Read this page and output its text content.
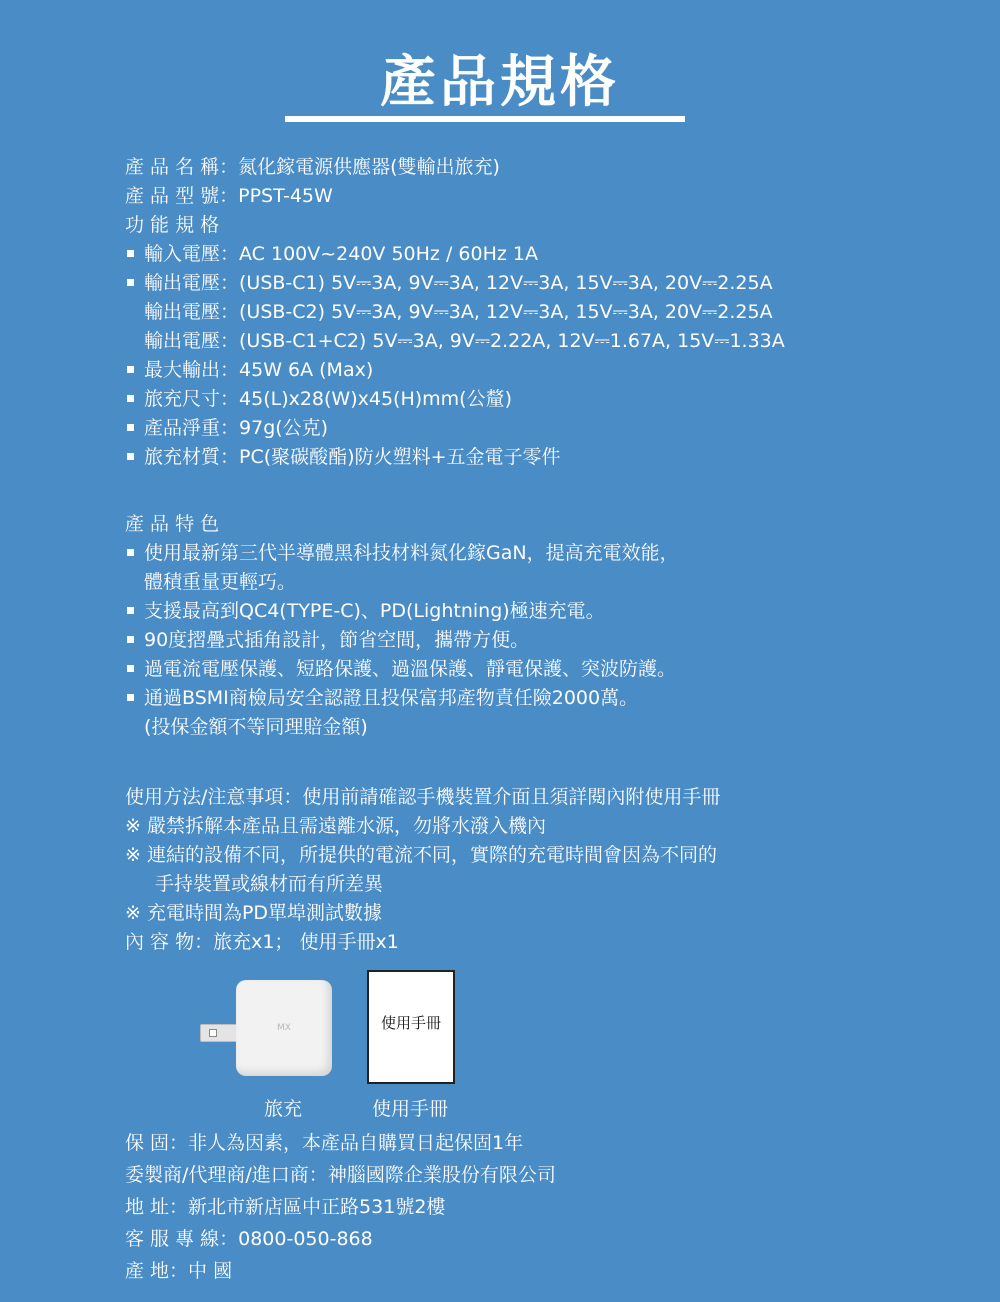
產品規格
產 品 名 稱：氮化鎵電源供應器(雙輸出旅充)
產 品 型 號：PPST-45W
功 能 規 格
輸入電壓：AC 100V~240V 50Hz / 60Hz 1A
輸出電壓：(USB-C1) 5V⎓3A, 9V⎓3A, 12V⎓3A, 15V⎓3A, 20V⎓2.25A
輸出電壓：(USB-C2) 5V⎓3A, 9V⎓3A, 12V⎓3A, 15V⎓3A, 20V⎓2.25A
輸出電壓：(USB-C1+C2) 5V⎓3A, 9V⎓2.22A, 12V⎓1.67A, 15V⎓1.33A
最大輸出：45W 6A (Max)
旅充尺寸：45(L)x28(W)x45(H)mm(公釐)
產品淨重：97g(公克)
旅充材質：PC(聚碳酸酯)防火塑料+五金電子零件
產 品 特 色
使用最新第三代半導體黑科技材料氮化鎵GaN，提高充電效能，
體積重量更輕巧。
支援最高到QC4(TYPE-C)、PD(Lightning)極速充電。
90度摺疊式插角設計，節省空間，攜帶方便。
過電流電壓保護、短路保護、過溫保護、靜電保護、突波防護。
通過BSMI商檢局安全認證且投保富邦產物責任險2000萬。
(投保金額不等同理賠金額)
使用方法/注意事項：使用前請確認手機裝置介面且須詳閱內附使用手冊
※ 嚴禁拆解本產品且需遠離水源，勿將水潑入機內
※ 連結的設備不同，所提供的電流不同，實際的充電時間會因為不同的
手持裝置或線材而有所差異
※ 充電時間為PD單埠測試數據
內 容 物：旅充x1； 使用手冊x1
MX	使用手冊
旅充	使用手冊
保 固：非人為因素，本產品自購買日起保固1年
委製商/代理商/進口商：神腦國際企業股份有限公司
地 址：新北市新店區中正路531號2樓
客 服 專 線：0800-050-868
產 地：中 國
